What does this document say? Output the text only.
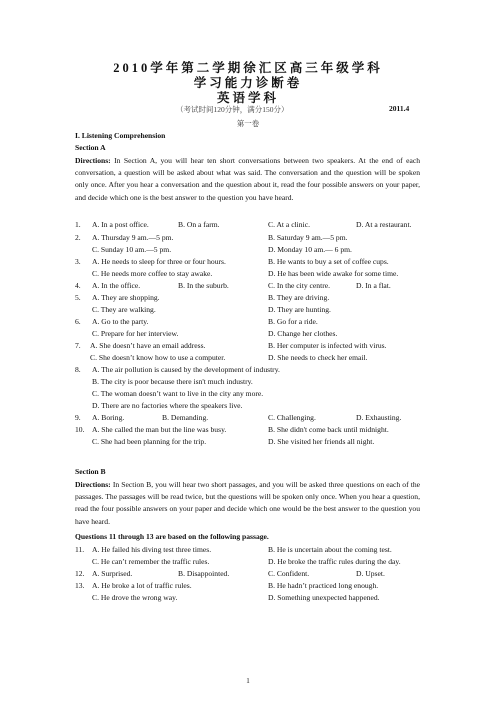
2010学年第二学期徐汇区高三年级学科
学习能力诊断卷
英语学科
（考试时间120分钟，满分150分）	2011.4
第一卷
I. Listening Comprehension
Section A
Directions: In Section A, you will hear ten short conversations between two speakers. At the end of each conversation, a question will be asked about what was said. The conversation and the question will be spoken only once. After you hear a conversation and the question about it, read the four possible answers on your paper, and decide which one is the best answer to the question you have heard.
1. A. In a post office.	B. On a farm.	C. At a clinic.	D. At a restaurant.
2. A. Thursday 9 am.—5 pm.	B. Saturday 9 am.—5 pm.
C. Sunday 10 am.—5 pm.	D. Monday 10 am.— 6 pm.
3. A. He needs to sleep for three or four hours.	B. He wants to buy a set of coffee cups.
C. He needs more coffee to stay awake.	D. He has been wide awake for some time.
4. A. In the office.	B. In the suburb.	C. In the city centre.	D. In a flat.
5. A. They are shopping.	B. They are driving.
C. They are walking.	D. They are hunting.
6. A. Go to the party.	B. Go for a ride.
C. Prepare for her interview.	D. Change her clothes.
7. A. She doesn’t have an email address.	B. Her computer is infected with virus.
C. She doesn’t know how to use a computer.	D. She needs to check her email.
8. A. The air pollution is caused by the development of industry.
B. The city is poor because there isn't much industry.
C. The woman doesn’t want to live in the city any more.
D. There are no factories where the speakers live.
9. A. Boring.	B. Demanding.	C. Challenging.	D. Exhausting.
10. A. She called the man but the line was busy.	B. She didn't come back until midnight.
C. She had been planning for the trip.	D. She visited her friends all night.
Section B
Directions: In Section B, you will hear two short passages, and you will be asked three questions on each of the passages. The passages will be read twice, but the questions will be spoken only once. When you hear a question, read the four possible answers on your paper and decide which one would be the best answer to the question you have heard.
Questions 11 through 13 are based on the following passage.
11. A. He failed his diving test three times.	B. He is uncertain about the coming test.
C. He can’t remember the traffic rules.	D. He broke the traffic rules during the day.
12. A. Surprised.	B. Disappointed.	C. Confident.	D. Upset.
13. A. He broke a lot of traffic rules.	B. He hadn’t practiced long enough.
C. He drove the wrong way.	D. Something unexpected happened.
1
